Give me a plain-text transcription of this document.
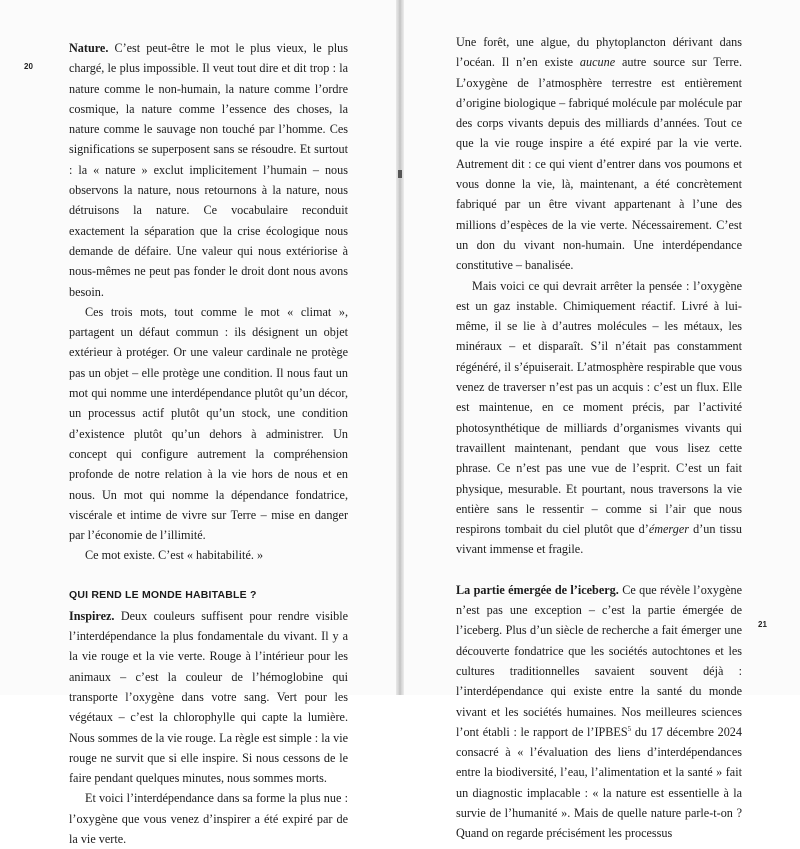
20
21

Nature. C’est peut-être le mot le plus vieux, le plus chargé, le plus impossible. Il veut tout dire et dit trop : la nature comme le non-humain, la nature comme l’ordre cosmique, la nature comme l’essence des choses, la nature comme le sauvage non touché par l’homme. Ces significations se superposent sans se résoudre. Et surtout : la « nature » exclut implicitement l’humain – nous observons la nature, nous retournons à la nature, nous détruisons la nature. Ce vocabulaire reconduit exactement la séparation que la crise écologique nous demande de défaire. Une valeur qui nous extériorise à nous-mêmes ne peut pas fonder le droit dont nous avons besoin.

Ces trois mots, tout comme le mot « climat », partagent un défaut commun : ils désignent un objet extérieur à protéger. Or une valeur cardinale ne protège pas un objet – elle protège une condition. Il nous faut un mot qui nomme une interdépendance plutôt qu’un décor, un processus actif plutôt qu’un stock, une condition d’existence plutôt qu’un dehors à administrer. Un concept qui configure autrement la compréhension profonde de notre relation à la vie hors de nous et en nous. Un mot qui nomme la dépendance fondatrice, viscérale et intime de vivre sur Terre – mise en danger par l’économie de l’illimité.

Ce mot existe. C’est « habitabilité. »

QUI REND LE MONDE HABITABLE ?

Inspirez. Deux couleurs suffisent pour rendre visible l’interdépendance la plus fondamentale du vivant. Il y a la vie rouge et la vie verte. Rouge à l’intérieur pour les animaux – c’est la couleur de l’hémoglobine qui transporte l’oxygène dans votre sang. Vert pour les végétaux – c’est la chlorophylle qui capte la lumière. Nous sommes de la vie rouge. La règle est simple : la vie rouge ne survit que si elle inspire. Si nous cessons de le faire pendant quelques minutes, nous sommes morts.

Et voici l’interdépendance dans sa forme la plus nue : l’oxygène que vous venez d’inspirer a été expiré par de la vie verte.

Une forêt, une algue, du phytoplancton dérivant dans l’océan. Il n’en existe aucune autre source sur Terre. L’oxygène de l’atmosphère terrestre est entièrement d’origine biologique – fabriqué molécule par molécule par des corps vivants depuis des milliards d’années. Tout ce que la vie rouge inspire a été expiré par la vie verte. Autrement dit : ce qui vient d’entrer dans vos poumons et vous donne la vie, là, maintenant, a été concrètement fabriqué par un être vivant appartenant à l’une des millions d’espèces de la vie verte. Nécessairement. C’est un don du vivant non-humain. Une interdépendance constitutive – banalisée.

Mais voici ce qui devrait arrêter la pensée : l’oxygène est un gaz instable. Chimiquement réactif. Livré à lui-même, il se lie à d’autres molécules – les métaux, les minéraux – et disparaît. S’il n’était pas constamment régénéré, il s’épuiserait. L’atmosphère respirable que vous venez de traverser n’est pas un acquis : c’est un flux. Elle est maintenue, en ce moment précis, par l’activité photosynthétique de milliards d’organismes vivants qui travaillent maintenant, pendant que vous lisez cette phrase. Ce n’est pas une vue de l’esprit. C’est un fait physique, mesurable. Et pourtant, nous traversons la vie entière sans le ressentir – comme si l’air que nous respirons tombait du ciel plutôt que d’émerger d’un tissu vivant immense et fragile.

La partie émergée de l’iceberg. Ce que révèle l’oxygène n’est pas une exception – c’est la partie émergée de l’iceberg. Plus d’un siècle de recherche a fait émerger une découverte fondatrice que les sociétés autochtones et les cultures traditionnelles savaient souvent déjà : l’interdépendance qui existe entre la santé du monde vivant et les sociétés humaines. Nos meilleures sciences l’ont établi : le rapport de l’IPBES$^5$ du 17 décembre 2024 consacré à « l’évaluation des liens d’interdépendances entre la biodiversité, l’eau, l’alimentation et la santé » fait un diagnostic implacable : « la nature est essentielle à la survie de l’humanité ». Mais de quelle nature parle-t-on ? Quand on regarde précisément les processus
